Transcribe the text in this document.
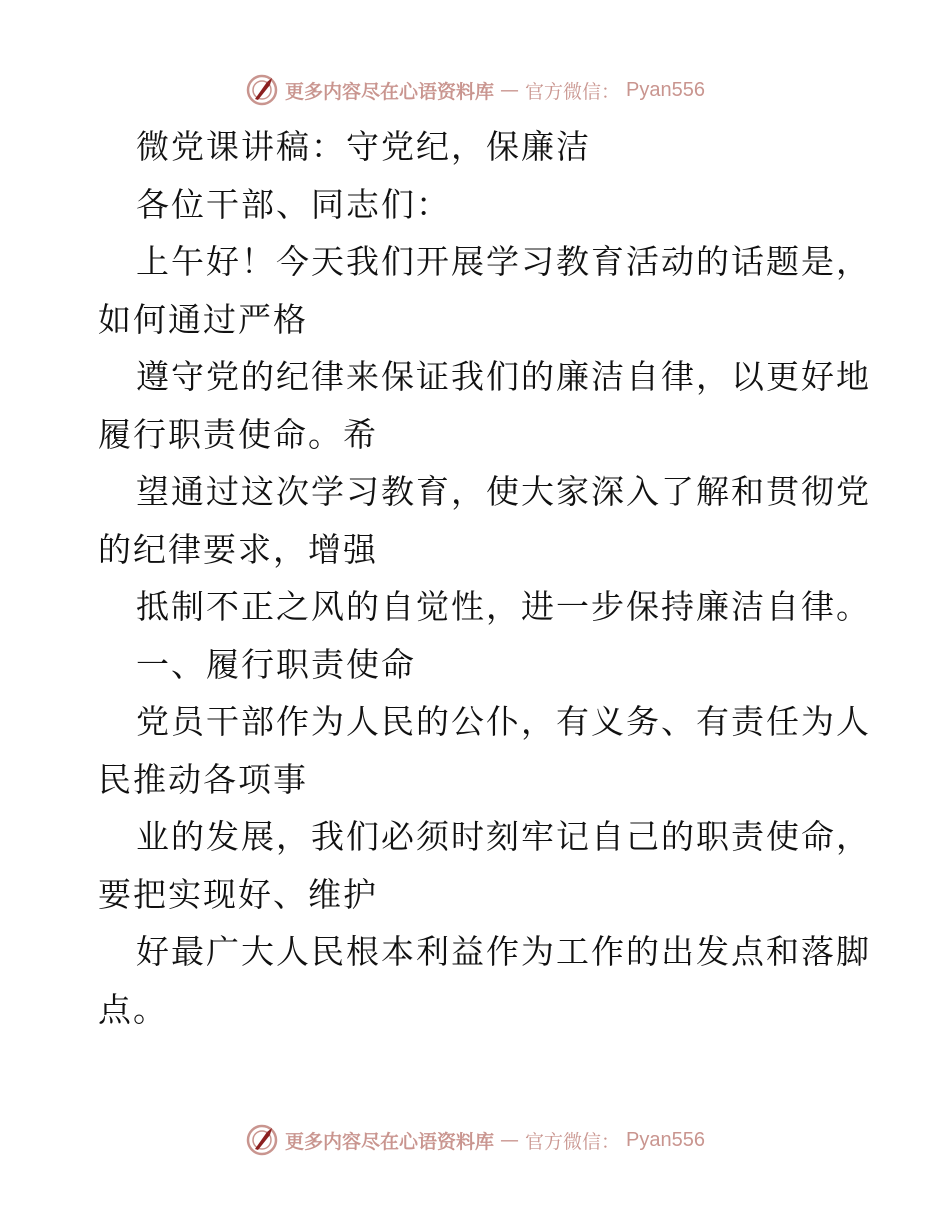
更多内容尽在心语资料库 — 官方微信： Pyan556
微党课讲稿：守党纪，保廉洁
各位干部、同志们：
上午好！今天我们开展学习教育活动的话题是，
如何通过严格
遵守党的纪律来保证我们的廉洁自律，以更好地
履行职责使命。希
望通过这次学习教育，使大家深入了解和贯彻党
的纪律要求，增强
抵制不正之风的自觉性，进一步保持廉洁自律。
一、履行职责使命
党员干部作为人民的公仆，有义务、有责任为人
民推动各项事
业的发展，我们必须时刻牢记自己的职责使命，
要把实现好、维护
好最广大人民根本利益作为工作的出发点和落脚
点。
更多内容尽在心语资料库 — 官方微信： Pyan556
